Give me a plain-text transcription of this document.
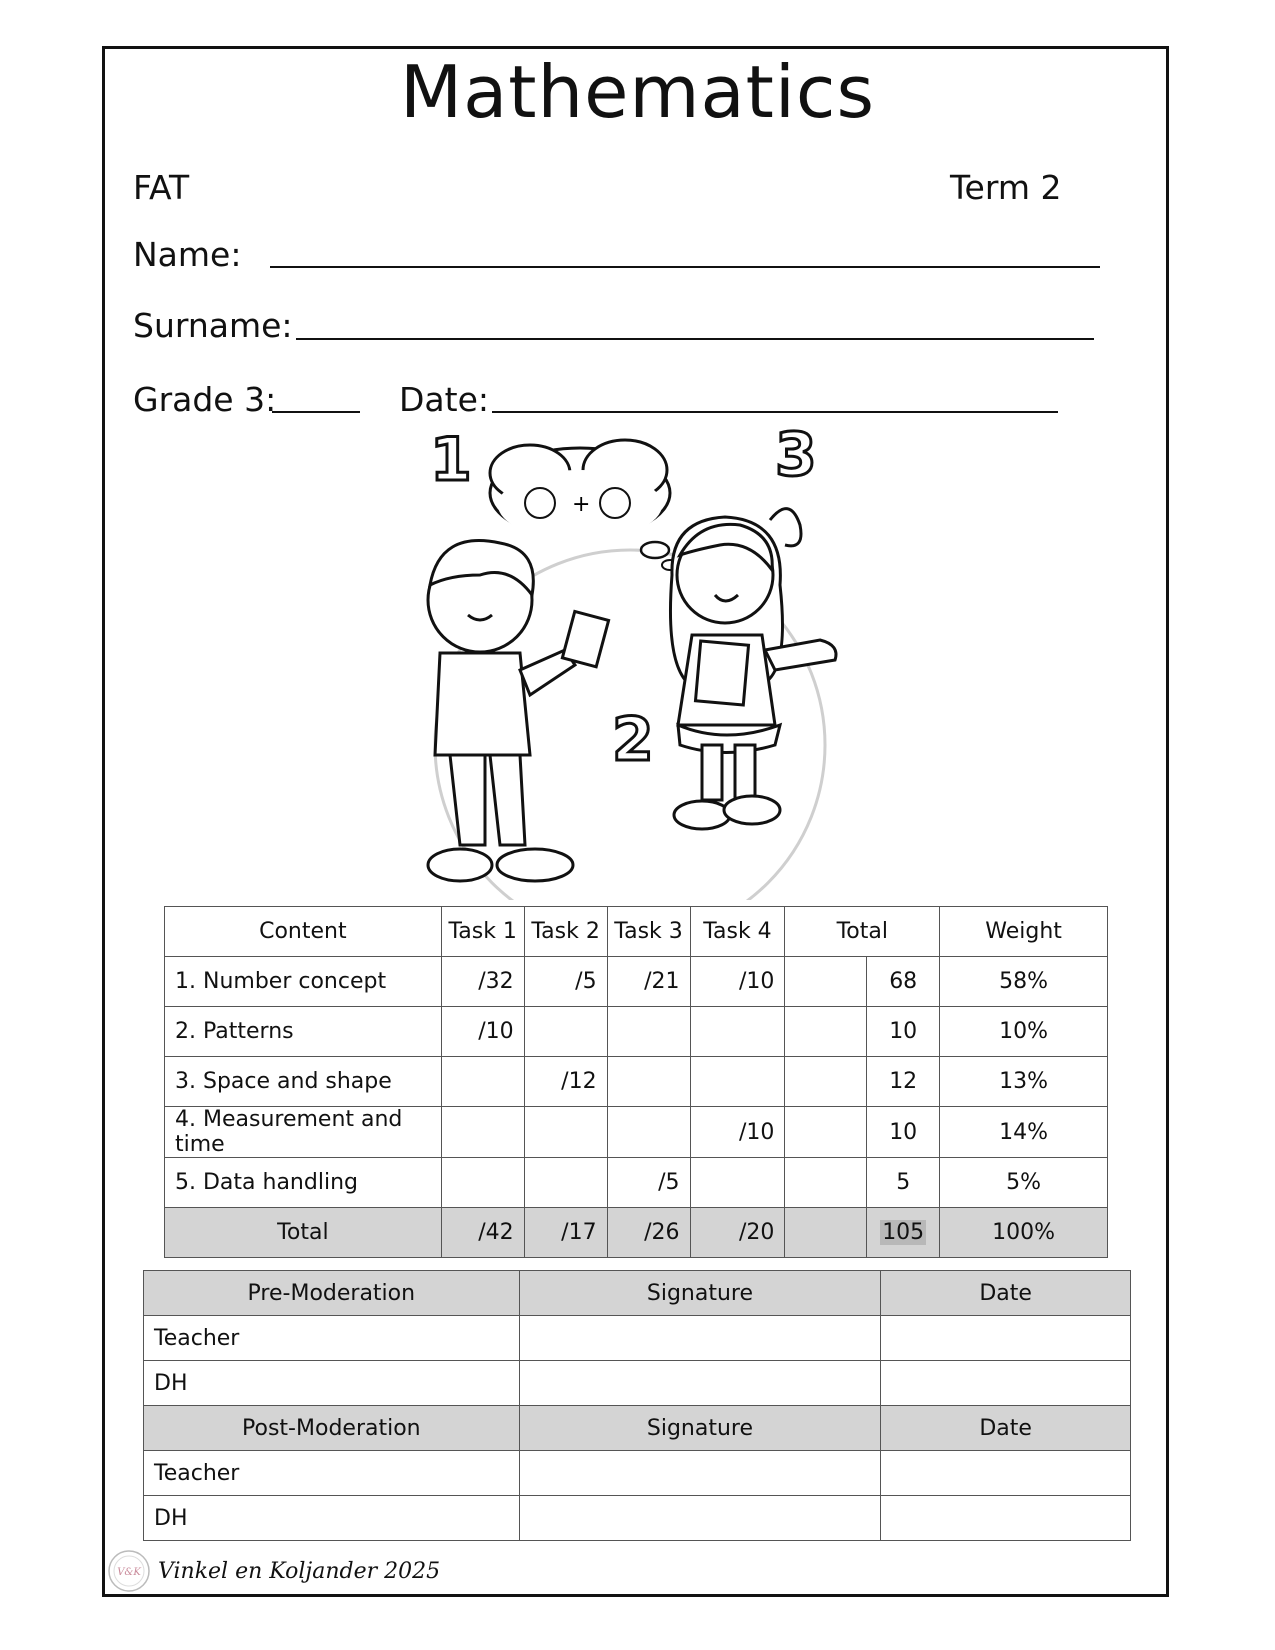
Mathematics
FAT	Term 2
Name:
Surname:
Grade 3:	Date:
1	3
2
+
Content	Task 1	Task 2	Task 3	Task 4	Total		Weight
1. Number concept	/32	/5	/21	/10		68	58%
2. Patterns	/10					10	10%
3. Space and shape		/12				12	13%
4. Measurement and time				/10		10	14%
5. Data handling			/5			5	5%
Total	/42	/17	/26	/20		105	100%
Pre-Moderation	Signature	Date
Teacher		
DH		
Post-Moderation	Signature	Date
Teacher		
DH		
V&K Vinkel en Koljander 2025
